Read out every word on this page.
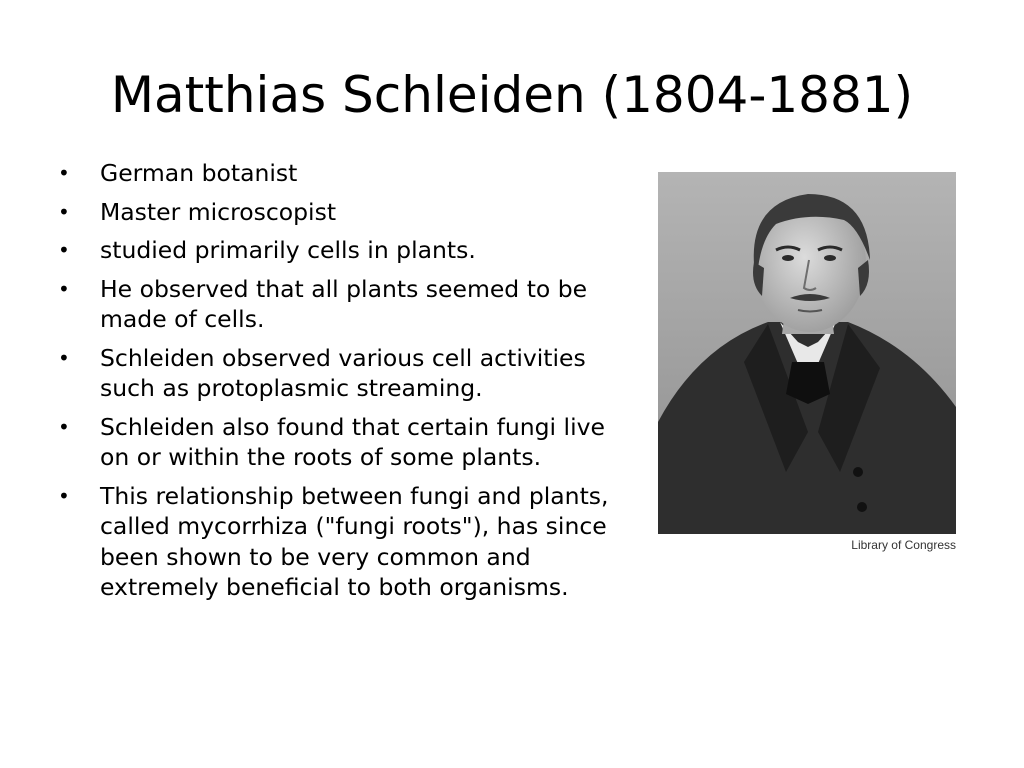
Matthias Schleiden (1804-1881)
• German botanist
• Master microscopist
• studied primarily cells in plants.
• He observed that all plants seemed to be made of cells.
• Schleiden observed various cell activities such as protoplasmic streaming.
• Schleiden also found that certain fungi live on or within the roots of some plants.
• This relationship between fungi and plants, called mycorrhiza ("fungi roots"), has since been shown to be very common and extremely beneficial to both organisms.
Library of Congress
